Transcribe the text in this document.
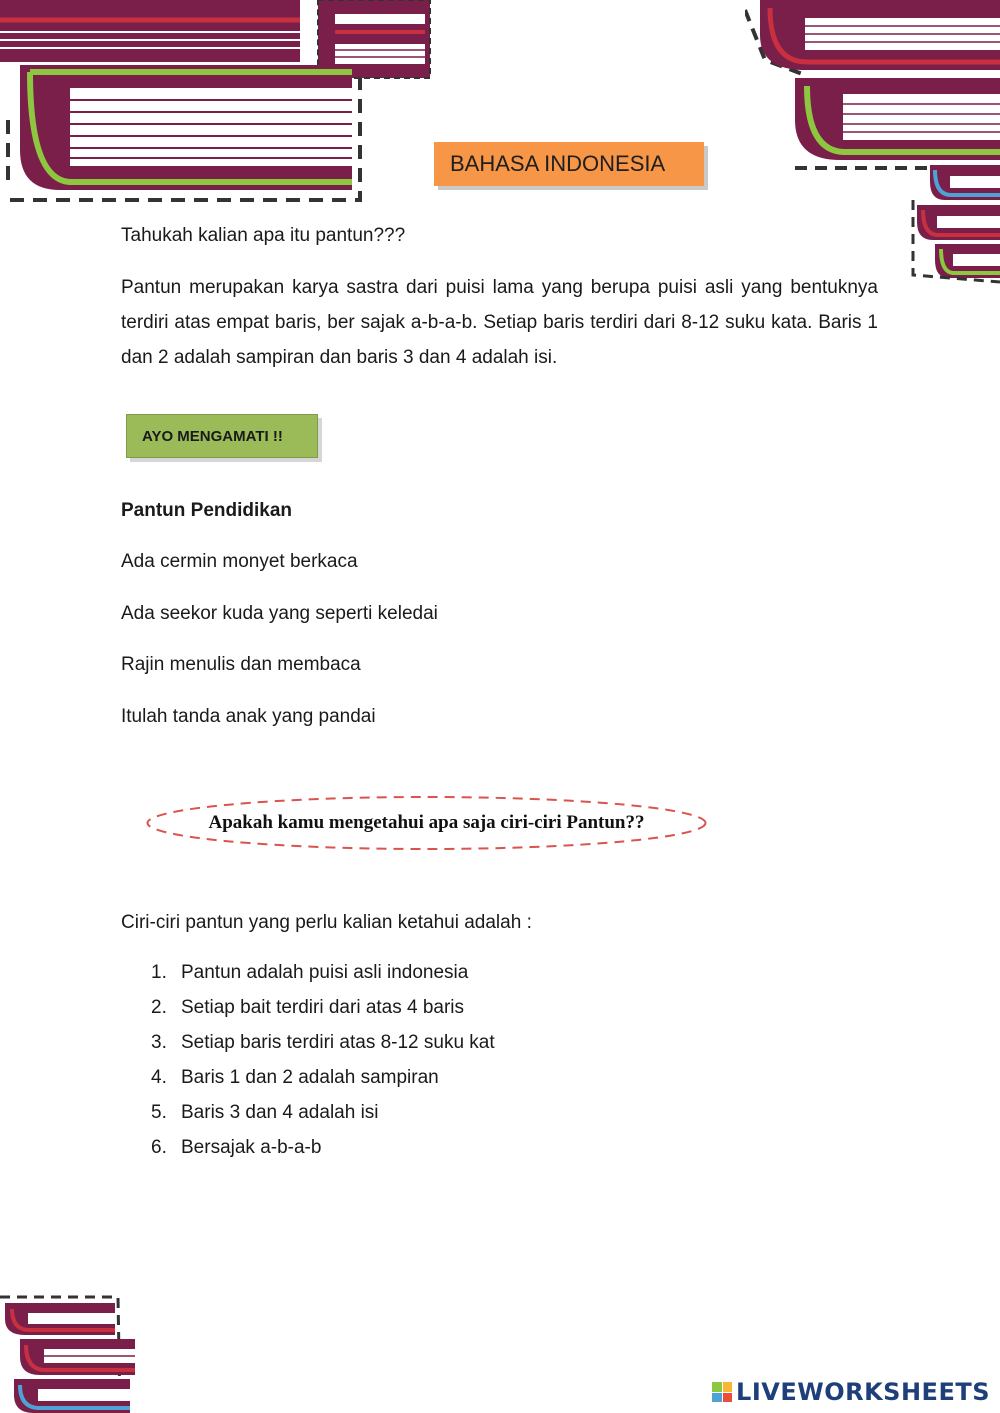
BAHASA INDONESIA
Tahukah kalian apa itu pantun???

Pantun merupakan karya sastra dari puisi lama yang berupa puisi asli yang bentuknya terdiri atas empat baris, ber sajak a-b-a-b. Setiap baris terdiri dari 8-12 suku kata. Baris 1 dan 2 adalah sampiran dan baris 3 dan 4 adalah isi.

AYO MENGAMATI !!
Pantun Pendidikan
Ada cermin monyet berkaca
Ada seekor kuda yang seperti keledai
Rajin menulis dan membaca
Itulah tanda anak yang pandai
Apakah kamu mengetahui apa saja ciri-ciri Pantun??
Ciri-ciri pantun yang perlu kalian ketahui adalah :
1. Pantun adalah puisi asli indonesia
2. Setiap bait terdiri dari atas 4 baris
3. Setiap baris terdiri atas 8-12 suku kat
4. Baris 1 dan 2 adalah sampiran
5. Baris 3 dan 4 adalah isi
6. Bersajak a-b-a-b
LIVEWORKSHEETS
